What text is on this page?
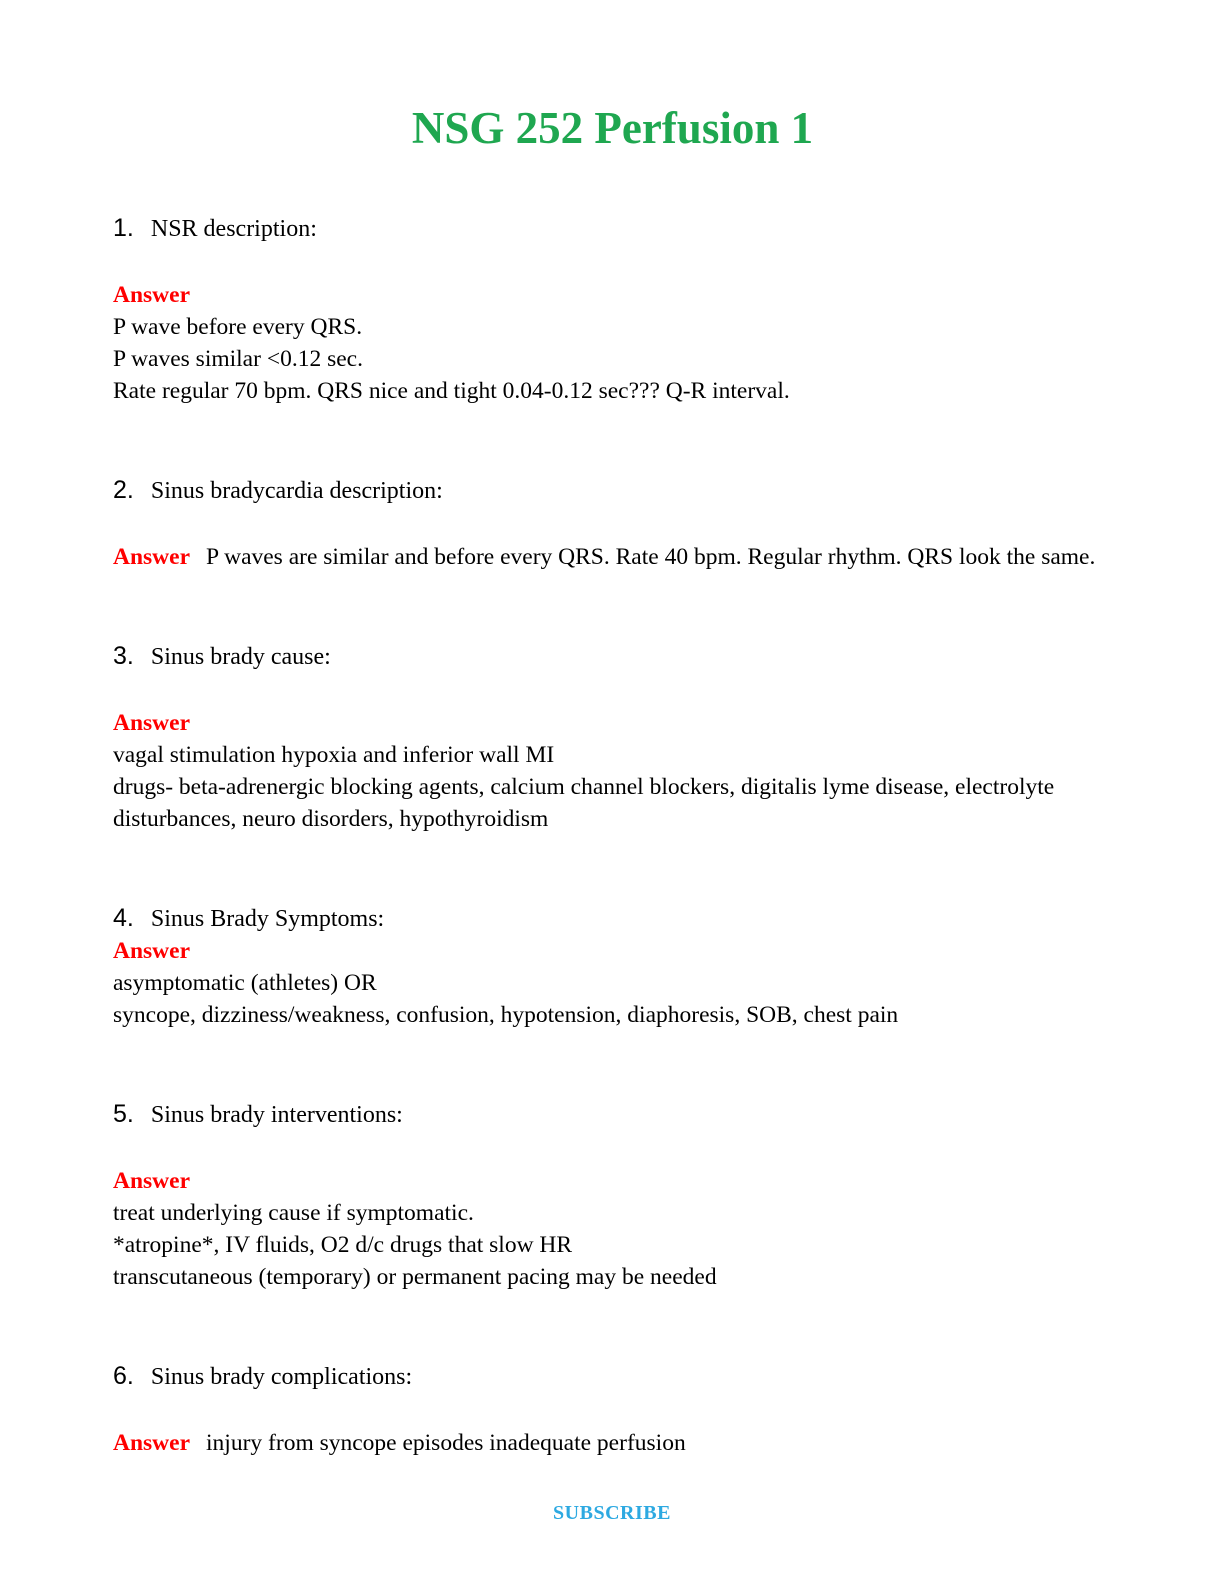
NSG 252 Perfusion 1
1. NSR description:
Answer
P wave before every QRS.
P waves similar <0.12 sec.
Rate regular 70 bpm. QRS nice and tight 0.04-0.12 sec??? Q-R interval.
2. Sinus bradycardia description:

Answer P waves are similar and before every QRS. Rate 40 bpm. Regular rhythm. QRS look the same.

3. Sinus brady cause:
Answer
vagal stimulation hypoxia and inferior wall MI
drugs- beta-adrenergic blocking agents, calcium channel blockers, digitalis lyme disease, electrolyte disturbances, neuro disorders, hypothyroidism
4. Sinus Brady Symptoms:
Answer
asymptomatic (athletes) OR
syncope, dizziness/weakness, confusion, hypotension, diaphoresis, SOB, chest pain
5. Sinus brady interventions:
Answer
treat underlying cause if symptomatic.
*atropine*, IV fluids, O2 d/c drugs that slow HR
transcutaneous (temporary) or permanent pacing may be needed
6. Sinus brady complications:

Answer injury from syncope episodes inadequate perfusion

SUBSCRIBE
